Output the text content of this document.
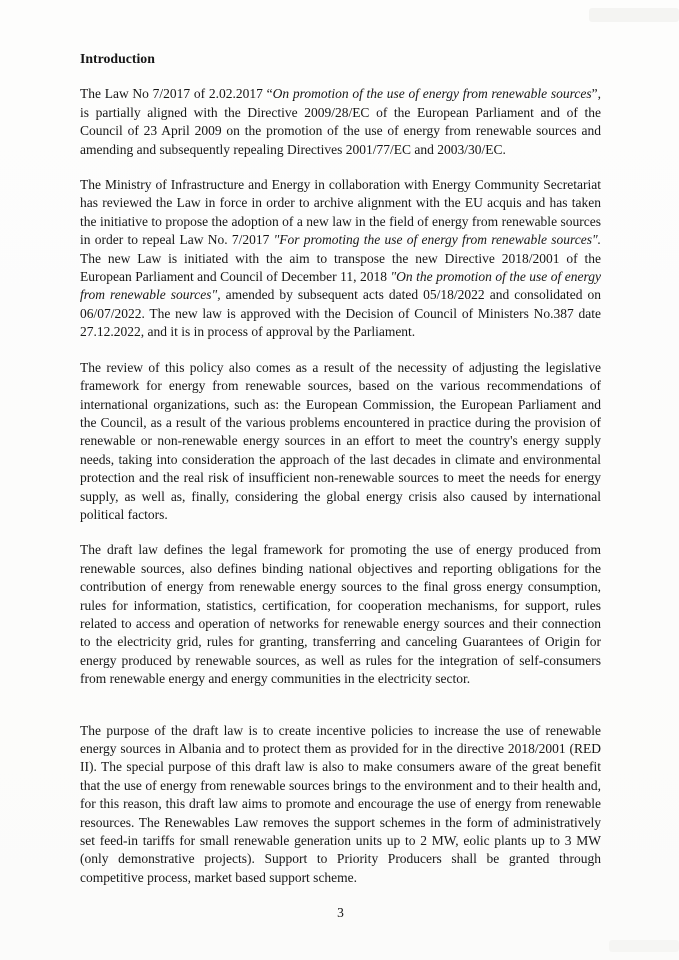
Introduction

The Law No 7/2017 of 2.02.2017 “On promotion of the use of energy from renewable sources”, is partially aligned with the Directive 2009/28/EC of the European Parliament and of the Council of 23 April 2009 on the promotion of the use of energy from renewable sources and amending and subsequently repealing Directives 2001/77/EC and 2003/30/EC.

The Ministry of Infrastructure and Energy in collaboration with Energy Community Secretariat has reviewed the Law in force in order to archive alignment with the EU acquis and has taken the initiative to propose the adoption of a new law in the field of energy from renewable sources in order to repeal Law No. 7/2017 "For promoting the use of energy from renewable sources". The new Law is initiated with the aim to transpose the new Directive 2018/2001 of the European Parliament and Council of December 11, 2018 "On the promotion of the use of energy from renewable sources", amended by subsequent acts dated 05/18/2022 and consolidated on 06/07/2022. The new law is approved with the Decision of Council of Ministers No.387 date 27.12.2022, and it is in process of approval by the Parliament.

The review of this policy also comes as a result of the necessity of adjusting the legislative framework for energy from renewable sources, based on the various recommendations of international organizations, such as: the European Commission, the European Parliament and the Council, as a result of the various problems encountered in practice during the provision of renewable or non-renewable energy sources in an effort to meet the country's energy supply needs, taking into consideration the approach of the last decades in climate and environmental protection and the real risk of insufficient non-renewable sources to meet the needs for energy supply, as well as, finally, considering the global energy crisis also caused by international political factors.

The draft law defines the legal framework for promoting the use of energy produced from renewable sources, also defines binding national objectives and reporting obligations for the contribution of energy from renewable energy sources to the final gross energy consumption, rules for information, statistics, certification, for cooperation mechanisms, for support, rules related to access and operation of networks for renewable energy sources and their connection to the electricity grid, rules for granting, transferring and canceling Guarantees of Origin for energy produced by renewable sources, as well as rules for the integration of self-consumers from renewable energy and energy communities in the electricity sector.

The purpose of the draft law is to create incentive policies to increase the use of renewable energy sources in Albania and to protect them as provided for in the directive 2018/2001 (RED II). The special purpose of this draft law is also to make consumers aware of the great benefit that the use of energy from renewable sources brings to the environment and to their health and, for this reason, this draft law aims to promote and encourage the use of energy from renewable resources. The Renewables Law removes the support schemes in the form of administratively set feed-in tariffs for small renewable generation units up to 2 MW, eolic plants up to 3 MW (only demonstrative projects). Support to Priority Producers shall be granted through competitive process, market based support scheme.

3
